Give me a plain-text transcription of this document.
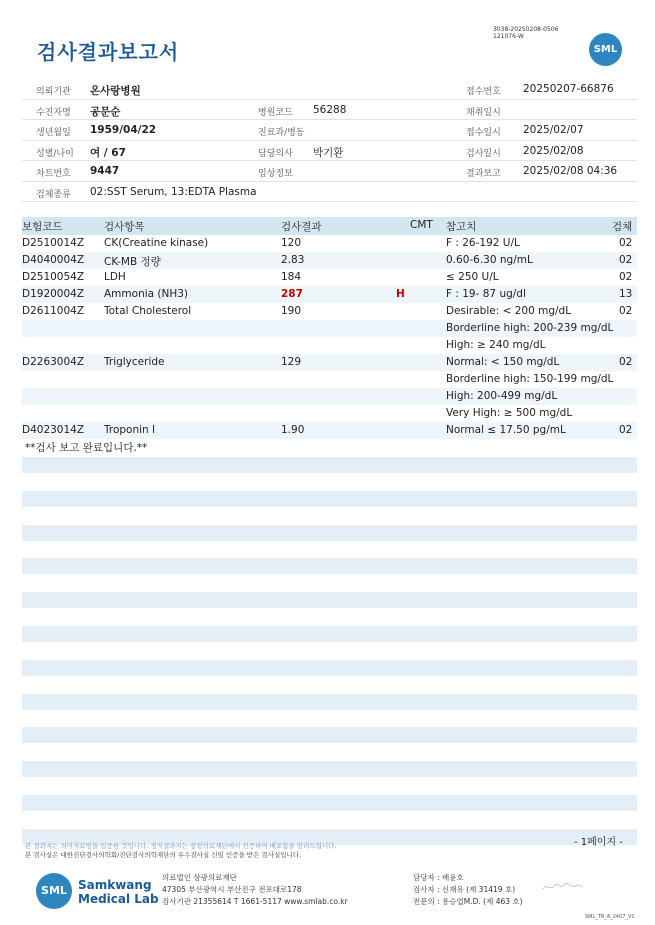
검사결과보고서
3038-20250208-0506
121076-W
SML
의뢰기관 온사랑병원	접수번호 20250207-66876
수진자명 공문순	병원코드 56288	채취일시
생년월일 1959/04/22	진료과/병동	접수일시 2025/02/07
성별/나이 여 / 67	담당의사 박기환	검사일시 2025/02/08
차트번호 9447	임상정보	결과보고 2025/02/08 04:36
검체종류 02:SST Serum, 13:EDTA Plasma
보험코드	검사항목	검사결과	CMT 참고치	검체
D2510014Z CK(Creatine kinase)	120	F : 26-192 U/L	02
D4040004Z CK-MB 정량	2.83	0.60-6.30 ng/mL	02
D2510054Z LDH	184	≤ 250 U/L	02
D1920004Z Ammonia (NH3)	287	H	F : 19- 87 ug/dl	13
D2611004Z Total Cholesterol	190	Desirable: < 200 mg/dL	02
Borderline high: 200-239 mg/dL
High: ≥ 240 mg/dL
D2263004Z Triglyceride	129	Normal: < 150 mg/dL	02
Borderline high: 150-199 mg/dL
High: 200-499 mg/dL
Very High: ≥ 500 mg/dL
D4023014Z Troponin I	1.90	Normal ≤ 17.50 pg/mL	02
**검사 보고 완료입니다.**
- 1페이지 -
본 결과지는 의미자료임을 입증한 것입니다. 정식결과지는 삼광의료재단에서 인증하여 배포함을 알려드립니다.
본 검사실은 대한진단검사의학회/진단검사의학재단의 우수검사실 신임 인증을 받은 검사실입니다.
SML Samkwang
Medical Lab
의료법인 삼광의료재단
47305 부산광역시 부산진구 전포대로178
검사기관 21355614 T 1661-5117 www.smlab.co.kr
담당자 : 배윤호
검사자 : 신재유 (제 31419 호)
전문의 : 용승엽M.D. (제 463 호)
SML_TR_A_2407_V1
